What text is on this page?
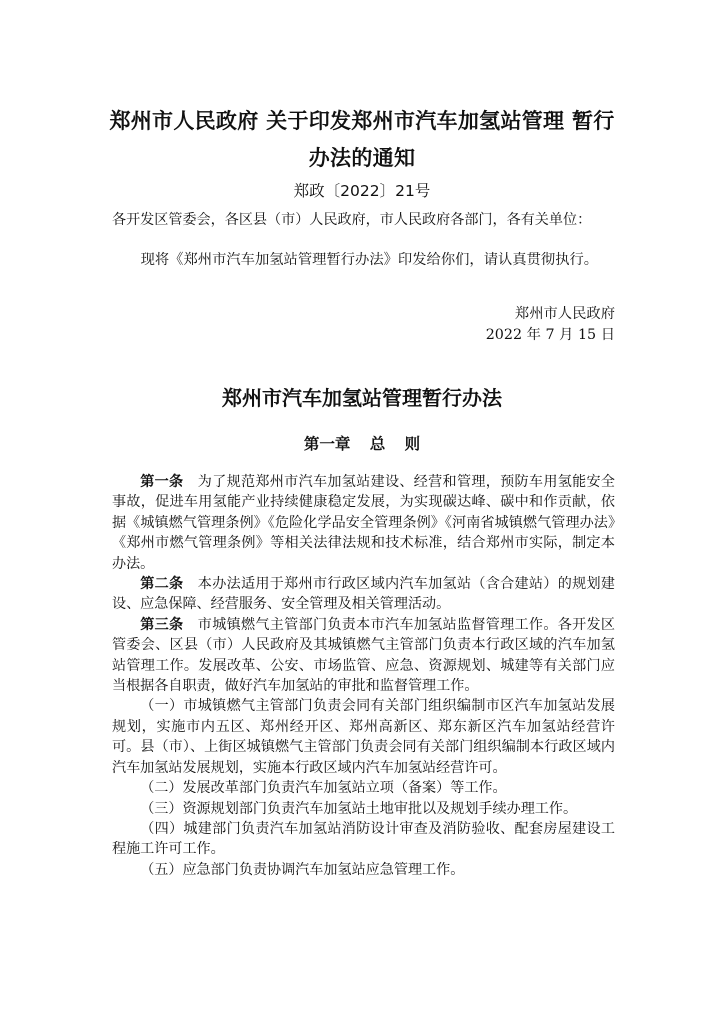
郑州市人民政府 关于印发郑州市汽车加氢站管理 暂行办法的通知
郑政〔2022〕21号

各开发区管委会，各区县（市）人民政府，市人民政府各部门，各有关单位：

现将《郑州市汽车加氢站管理暂行办法》印发给你们，请认真贯彻执行。

郑州市人民政府
2022 年 7 月 15 日
郑州市汽车加氢站管理暂行办法
第一章 总 则

第一条　 为了规范郑州市汽车加氢站建设、经营和管理，预防车用氢能安全事故，促进车用氢能产业持续健康稳定发展，为实现碳达峰、碳中和作贡献，依据《城镇燃气管理条例》《危险化学品安全管理条例》《河南省城镇燃气管理办法》《郑州市燃气管理条例》等相关法律法规和技术标准，结合郑州市实际，制定本办法。

第二条　 本办法适用于郑州市行政区域内汽车加氢站（含合建站）的规划建设、应急保障、经营服务、安全管理及相关管理活动。

第三条　 市城镇燃气主管部门负责本市汽车加氢站监督管理工作。各开发区管委会、区县（市）人民政府及其城镇燃气主管部门负责本行政区域的汽车加氢站管理工作。发展改革、公安、市场监管、应急、资源规划、城建等有关部门应当根据各自职责，做好汽车加氢站的审批和监督管理工作。

（一）市城镇燃气主管部门负责会同有关部门组织编制市区汽车加氢站发展规划，实施市内五区、郑州经开区、郑州高新区、郑东新区汽车加氢站经营许可。县（市）、上街区城镇燃气主管部门负责会同有关部门组织编制本行政区域内汽车加氢站发展规划，实施本行政区域内汽车加氢站经营许可。

（二）发展改革部门负责汽车加氢站立项（备案）等工作。

（三）资源规划部门负责汽车加氢站土地审批以及规划手续办理工作。

（四）城建部门负责汽车加氢站消防设计审查及消防验收、配套房屋建设工程施工许可工作。

（五）应急部门负责协调汽车加氢站应急管理工作。
